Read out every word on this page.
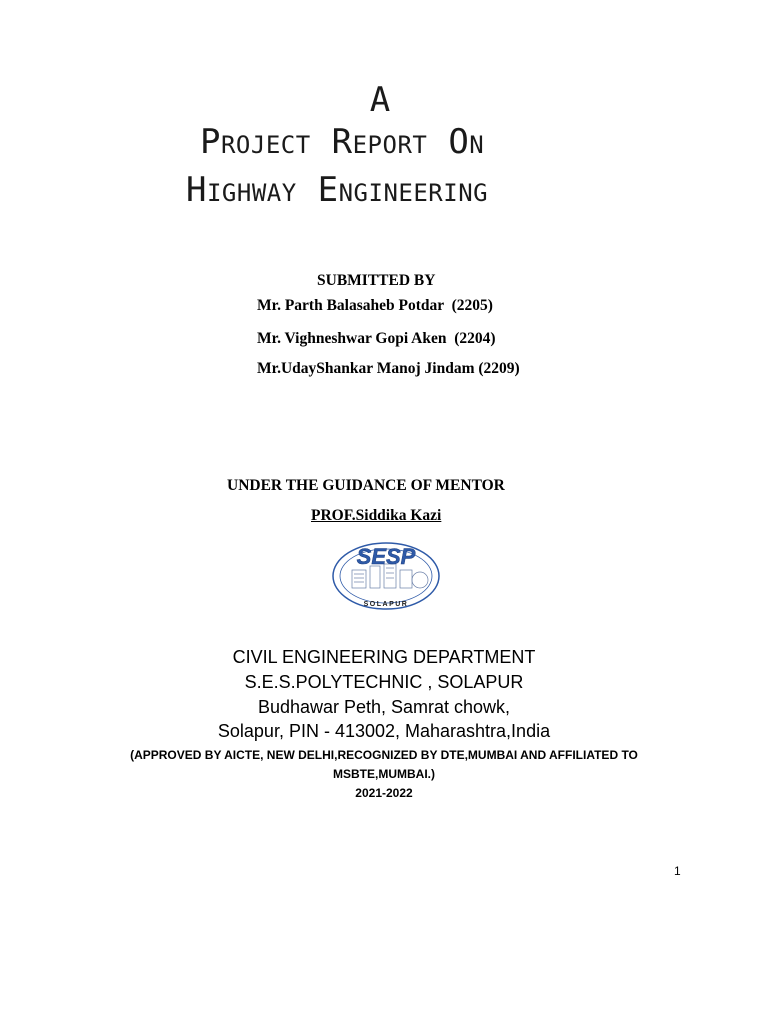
A
Project Report On
Highway Engineering
SUBMITTED BY
Mr. Parth Balasaheb Potdar  (2205)
Mr. Vighneshwar Gopi Aken  (2204)
Mr.UdayShankar Manoj Jindam (2209)
UNDER THE GUIDANCE OF MENTOR
PROF.Siddika Kazi
SESP
SOLAPUR
CIVIL ENGINEERING DEPARTMENT
S.E.S.POLYTECHNIC , SOLAPUR
Budhawar Peth, Samrat chowk,
Solapur, PIN - 413002, Maharashtra,India
(APPROVED BY AICTE, NEW DELHI,RECOGNIZED BY DTE,MUMBAI AND AFFILIATED TO
MSBTE,MUMBAI.)
2021-2022
1
